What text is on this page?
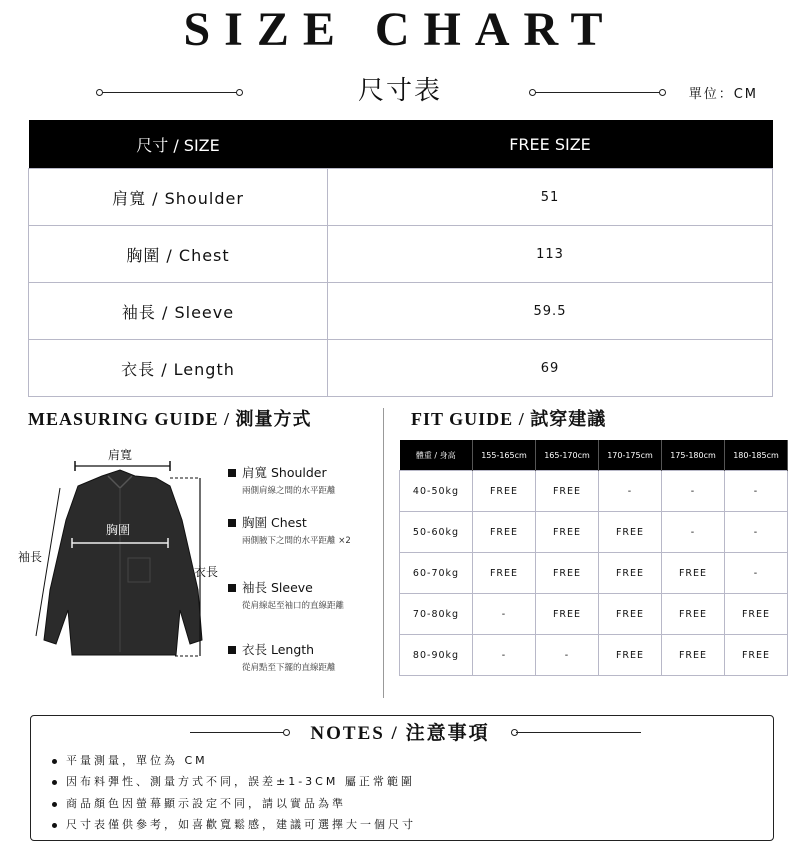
SIZE CHART
尺寸表	單位：CM
尺寸 / SIZE	FREE SIZE
肩寬 / Shoulder	51
胸圍 / Chest	113
袖長 / Sleeve	59.5
衣長 / Length	69
MEASURING GUIDE / 測量方式
肩寬
胸圍
袖長
衣長
肩寬 Shoulder
兩側肩線之間的水平距離
胸圍 Chest
兩側腋下之間的水平距離 ×2
袖長 Sleeve
從肩線起至袖口的直線距離
衣長 Length
從肩點至下擺的直線距離
FIT GUIDE / 試穿建議
體重 / 身高	155-165cm	165-170cm	170-175cm	175-180cm	180-185cm
40-50kg	FREE	FREE	-	-	-
50-60kg	FREE	FREE	FREE	-	-
60-70kg	FREE	FREE	FREE	FREE	-
70-80kg	-	FREE	FREE	FREE	FREE
80-90kg	-	-	FREE	FREE	FREE
NOTES / 注意事項
平量測量，單位為 CM
因布料彈性、測量方式不同，誤差±1-3CM 屬正常範圍
商品顏色因螢幕顯示設定不同，請以實品為準
尺寸表僅供參考，如喜歡寬鬆感，建議可選擇大一個尺寸
